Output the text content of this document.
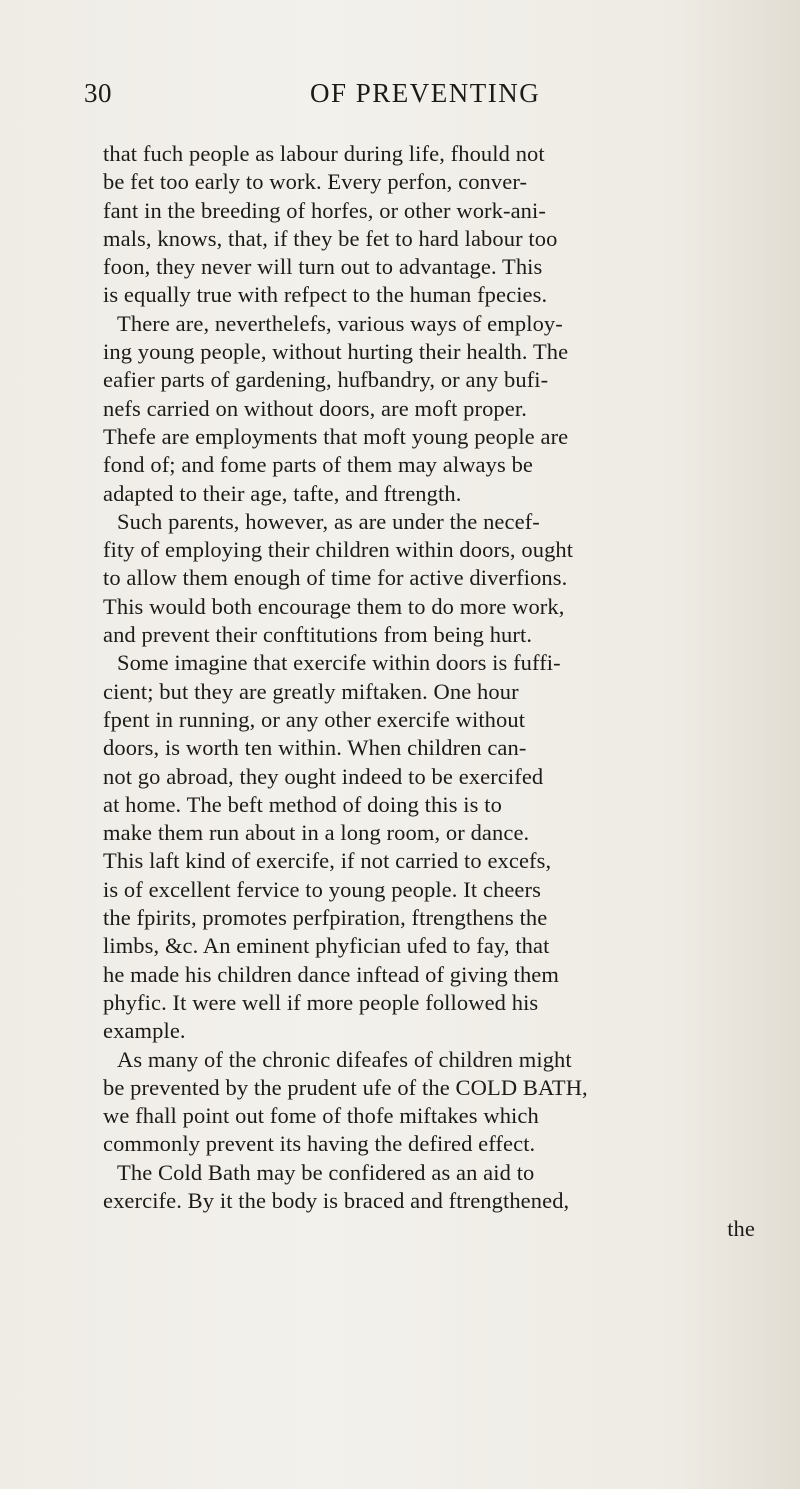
30	OF PREVENTING
that fuch people as labour during life, fhould not
be fet too early to work. Every perfon, conver-
fant in the breeding of horfes, or other work-ani-
mals, knows, that, if they be fet to hard labour too
foon, they never will turn out to advantage. This
is equally true with refpect to the human fpecies.
There are, neverthelefs, various ways of employ-
ing young people, without hurting their health. The
eafier parts of gardening, hufbandry, or any bufi-
nefs carried on without doors, are moft proper.
Thefe are employments that moft young people are
fond of; and fome parts of them may always be
adapted to their age, tafte, and ftrength.
Such parents, however, as are under the necef-
fity of employing their children within doors, ought
to allow them enough of time for active diverfions.
This would both encourage them to do more work,
and prevent their conftitutions from being hurt.
Some imagine that exercife within doors is fuffi-
cient; but they are greatly miftaken. One hour
fpent in running, or any other exercife without
doors, is worth ten within. When children can-
not go abroad, they ought indeed to be exercifed
at home. The beft method of doing this is to
make them run about in a long room, or dance.
This laft kind of exercife, if not carried to excefs,
is of excellent fervice to young people. It cheers
the fpirits, promotes perfpiration, ftrengthens the
limbs, &c. An eminent phyfician ufed to fay, that
he made his children dance inftead of giving them
phyfic. It were well if more people followed his
example.
As many of the chronic difeafes of children might
be prevented by the prudent ufe of the COLD BATH,
we fhall point out fome of thofe miftakes which
commonly prevent its having the defired effect.
The Cold Bath may be confidered as an aid to
exercife. By it the body is braced and ftrengthened,
the
